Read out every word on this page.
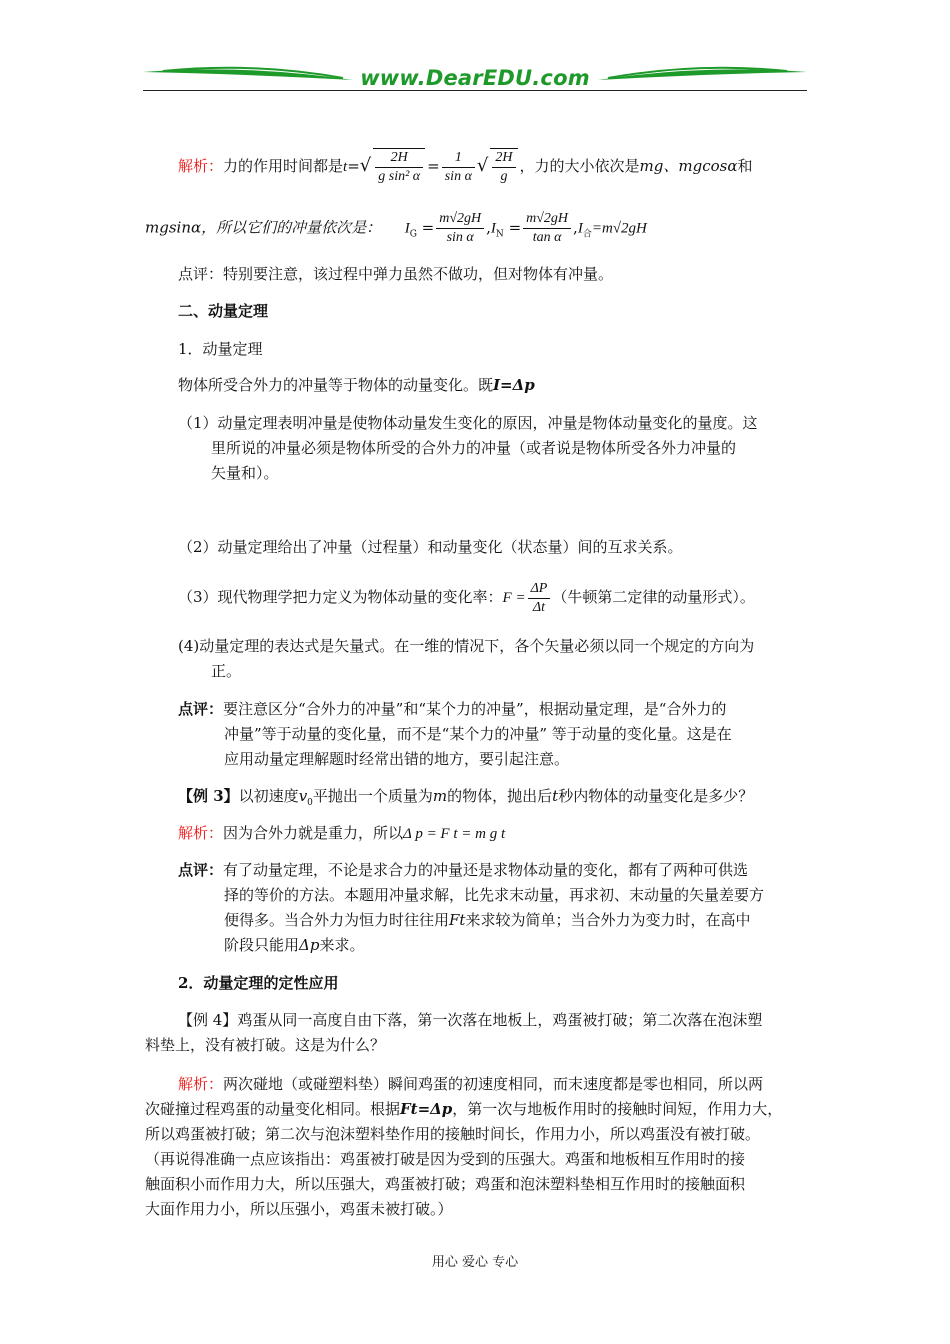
www.DearEDU.com
解析：力的作用时间都是$t=√ \frac{2H}{\text{g sin² α}} = \frac{1}{\text{sin α}}$ √ $\frac{2H}{g}$ ，力的大小依次是mg、mgcosα和
mgsinα，所以它们的冲量依次是： $I_G = \frac{m√2gH}{\text{sin α}} ,I_N = \frac{m√2gH}{\text{tan α}} ,I_合=m√2gH$
点评：特别要注意，该过程中弹力虽然不做功，但对物体有冲量。
二、动量定理
1．动量定理
物体所受合外力的冲量等于物体的动量变化。既I=Δp
（1）动量定理表明冲量是使物体动量发生变化的原因，冲量是物体动量变化的量度。这
里所说的冲量必须是物体所受的合外力的冲量（或者说是物体所受各外力冲量的
矢量和）。
（2）动量定理给出了冲量（过程量）和动量变化（状态量）间的互求关系。
（3）现代物理学把力定义为物体动量的变化率：$F = \frac{\Delta P}{\Delta t}$ （牛顿第二定律的动量形式）。
(4)动量定理的表达式是矢量式。在一维的情况下，各个矢量必须以同一个规定的方向为
正。
点评：要注意区分“合外力的冲量”和“某个力的冲量”，根据动量定理，是“合外力的
冲量”等于动量的变化量，而不是“某个力的冲量” 等于动量的变化量。这是在
应用动量定理解题时经常出错的地方，要引起注意。
【例 3】以初速度$v_0$平抛出一个质量为m的物体，抛出后t秒内物体的动量变化是多少？
解析：因为合外力就是重力，所以Δ p = F t = m g t
点评：有了动量定理，不论是求合力的冲量还是求物体动量的变化，都有了两种可供选
择的等价的方法。本题用冲量求解，比先求末动量，再求初、末动量的矢量差要方
便得多。当合外力为恒力时往往用Ft来求较为简单；当合外力为变力时，在高中
阶段只能用Δp来求。
2．动量定理的定性应用
【例 4】鸡蛋从同一高度自由下落，第一次落在地板上，鸡蛋被打破；第二次落在泡沫塑
料垫上，没有被打破。这是为什么？
解析：两次碰地（或碰塑料垫）瞬间鸡蛋的初速度相同，而末速度都是零也相同，所以两
次碰撞过程鸡蛋的动量变化相同。根据Ft=Δp，第一次与地板作用时的接触时间短，作用力大，
所以鸡蛋被打破；第二次与泡沫塑料垫作用的接触时间长，作用力小，所以鸡蛋没有被打破。
（再说得准确一点应该指出：鸡蛋被打破是因为受到的压强大。鸡蛋和地板相互作用时的接
触面积小而作用力大，所以压强大，鸡蛋被打破；鸡蛋和泡沫塑料垫相互作用时的接触面积
大面作用力小，所以压强小，鸡蛋未被打破。）
用心 爱心 专心
